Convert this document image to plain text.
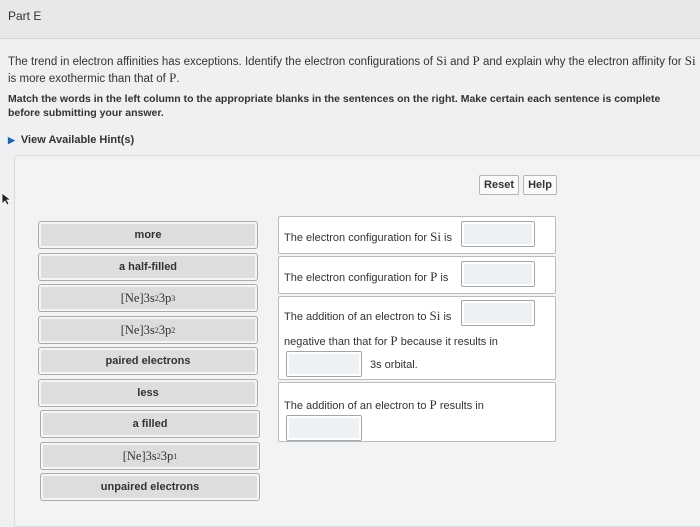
Part E
The trend in electron affinities has exceptions. Identify the electron configurations of Si and P and explain why the electron affinity for Si is more exothermic than that of P.
Match the words in the left column to the appropriate blanks in the sentences on the right. Make certain each sentence is complete before submitting your answer.
▶ View Available Hint(s)
Reset	Help
more
a half-filled
[Ne]3s 2 3p 3
[Ne]3s 2 3p 2
paired electrons
less
a filled
[Ne]3s 2 3p 1
unpaired electrons
The electron configuration for Si is
The electron configuration for P is
The addition of an electron to Si is
negative than that for P because it results in
3s orbital.
The addition of an electron to P results in
